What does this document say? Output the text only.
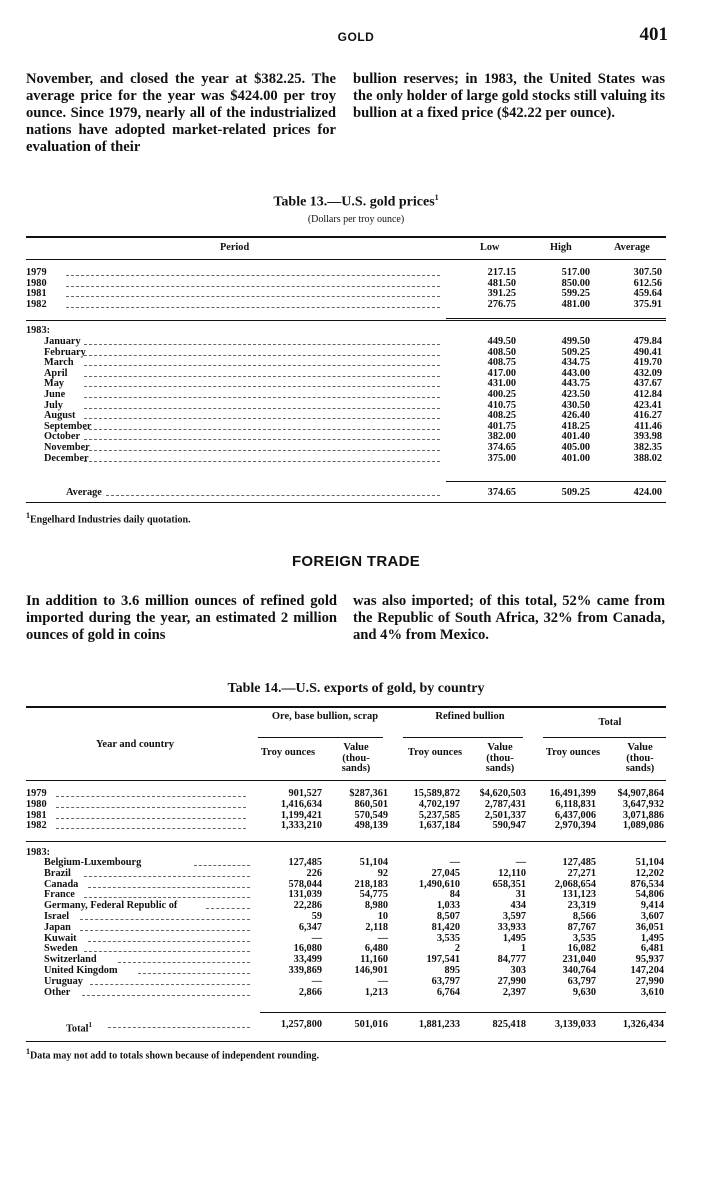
GOLD	401
November, and closed the year at $382.25. The average price for the year was $424.00 per troy ounce. Since 1979, nearly all of the industrialized nations have adopted market-related prices for evaluation of their
bullion reserves; in 1983, the United States was the only holder of large gold stocks still valuing its bullion at a fixed price ($42.22 per ounce).
Table 13.—U.S. gold prices$^1$
(Dollars per troy ounce)
Period	Low	High	Average
1979	217.15	517.00	307.50
1980	481.50	850.00	612.56
1981	391.25	599.25	459.64
1982	276.75	481.00	375.91
1983:
January	449.50	499.50	479.84
February	408.50	509.25	490.41
March	408.75	434.75	419.70
April	417.00	443.00	432.09
May	431.00	443.75	437.67
June	400.25	423.50	412.84
July	410.75	430.50	423.41
August	408.25	426.40	416.27
September	401.75	418.25	411.46
October	382.00	401.40	393.98
November	374.65	405.00	382.35
December	375.00	401.00	388.02
Average	374.65	509.25	424.00
$^1$Engelhard Industries daily quotation.
FOREIGN TRADE
In addition to 3.6 million ounces of refined gold imported during the year, an estimated 2 million ounces of gold in coins
was also imported; of this total, 52% came from the Republic of South Africa, 32% from Canada, and 4% from Mexico.
Table 14.—U.S. exports of gold, by country
Ore, base bullion, scrap	Refined bullion
Total
Year and country
Troy ounces	Value (thou- sands)
Troy ounces	Value (thou- sands)
Troy ounces	Value (thou- sands)
1979	901,527	$287,361	15,589,872	$4,620,503	16,491,399	$4,907,864
1980	1,416,634	860,501	4,702,197	2,787,431	6,118,831	3,647,932
1981	1,199,421	570,549	5,237,585	2,501,337	6,437,006	3,071,886
1982	1,333,210	498,139	1,637,184	590,947	2,970,394	1,089,086
1983:
Belgium-Luxembourg	127,485	51,104	—	—	127,485	51,104
Brazil	226	92	27,045	12,110	27,271	12,202
Canada	578,044	218,183	1,490,610	658,351	2,068,654	876,534
France	131,039	54,775	84	31	131,123	54,806
Germany, Federal Republic of	22,286	8,980	1,033	434	23,319	9,414
Israel	59	10	8,507	3,597	8,566	3,607
Japan	6,347	2,118	81,420	33,933	87,767	36,051
Kuwait	—	—	3,535	1,495	3,535	1,495
Sweden	16,080	6,480	2	1	16,082	6,481
Switzerland	33,499	11,160	197,541	84,777	231,040	95,937
United Kingdom	339,869	146,901	895	303	340,764	147,204
Uruguay	—	—	63,797	27,990	63,797	27,990
Other	2,866	1,213	6,764	2,397	9,630	3,610
Total$^1$	1,257,800	501,016	1,881,233	825,418	3,139,033	1,326,434
$^1$Data may not add to totals shown because of independent rounding.
